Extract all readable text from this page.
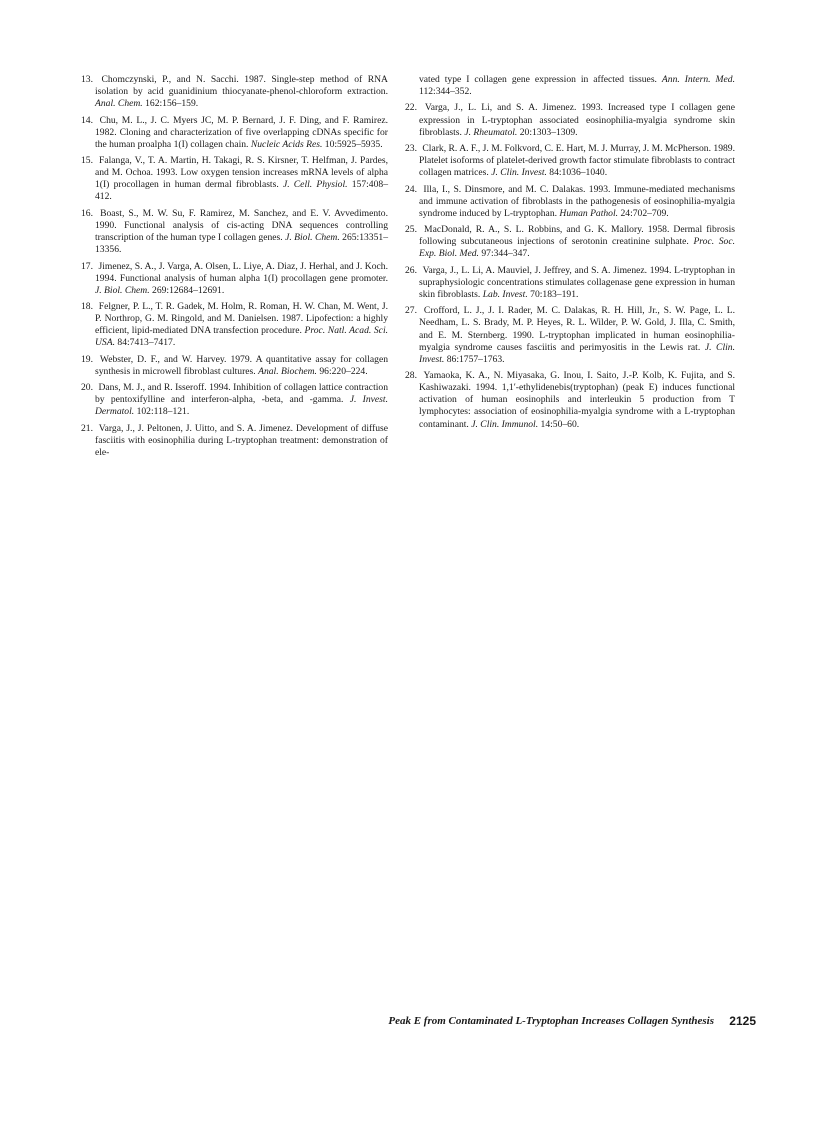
13. Chomczynski, P., and N. Sacchi. 1987. Single-step method of RNA isolation by acid guanidinium thiocyanate-phenol-chloroform extraction. Anal. Chem. 162:156–159.
14. Chu, M. L., J. C. Myers JC, M. P. Bernard, J. F. Ding, and F. Ramirez. 1982. Cloning and characterization of five overlapping cDNAs specific for the human proalpha 1(I) collagen chain. Nucleic Acids Res. 10:5925–5935.
15. Falanga, V., T. A. Martin, H. Takagi, R. S. Kirsner, T. Helfman, J. Pardes, and M. Ochoa. 1993. Low oxygen tension increases mRNA levels of alpha 1(I) procollagen in human dermal fibroblasts. J. Cell. Physiol. 157:408–412.
16. Boast, S., M. W. Su, F. Ramirez, M. Sanchez, and E. V. Avvedimento. 1990. Functional analysis of cis-acting DNA sequences controlling transcription of the human type I collagen genes. J. Biol. Chem. 265:13351–13356.
17. Jimenez, S. A., J. Varga, A. Olsen, L. Liye, A. Diaz, J. Herhal, and J. Koch. 1994. Functional analysis of human alpha 1(I) procollagen gene promoter. J. Biol. Chem. 269:12684–12691.
18. Felgner, P. L., T. R. Gadek, M. Holm, R. Roman, H. W. Chan, M. Went, J. P. Northrop, G. M. Ringold, and M. Danielsen. 1987. Lipofection: a highly efficient, lipid-mediated DNA transfection procedure. Proc. Natl. Acad. Sci. USA. 84:7413–7417.
19. Webster, D. F., and W. Harvey. 1979. A quantitative assay for collagen synthesis in microwell fibroblast cultures. Anal. Biochem. 96:220–224.
20. Dans, M. J., and R. Isseroff. 1994. Inhibition of collagen lattice contraction by pentoxifylline and interferon-alpha, -beta, and -gamma. J. Invest. Dermatol. 102:118–121.
21. Varga, J., J. Peltonen, J. Uitto, and S. A. Jimenez. Development of diffuse fasciitis with eosinophilia during L-tryptophan treatment: demonstration of ele-
vated type I collagen gene expression in affected tissues. Ann. Intern. Med. 112:344–352.
22. Varga, J., L. Li, and S. A. Jimenez. 1993. Increased type I collagen gene expression in L-tryptophan associated eosinophilia-myalgia syndrome skin fibroblasts. J. Rheumatol. 20:1303–1309.
23. Clark, R. A. F., J. M. Folkvord, C. E. Hart, M. J. Murray, J. M. McPherson. 1989. Platelet isoforms of platelet-derived growth factor stimulate fibroblasts to contract collagen matrices. J. Clin. Invest. 84:1036–1040.
24. Illa, I., S. Dinsmore, and M. C. Dalakas. 1993. Immune-mediated mechanisms and immune activation of fibroblasts in the pathogenesis of eosinophilia-myalgia syndrome induced by L-tryptophan. Human Pathol. 24:702–709.
25. MacDonald, R. A., S. L. Robbins, and G. K. Mallory. 1958. Dermal fibrosis following subcutaneous injections of serotonin creatinine sulphate. Proc. Soc. Exp. Biol. Med. 97:344–347.
26. Varga, J., L. Li, A. Mauviel, J. Jeffrey, and S. A. Jimenez. 1994. L-tryptophan in supraphysiologic concentrations stimulates collagenase gene expression in human skin fibroblasts. Lab. Invest. 70:183–191.
27. Crofford, L. J., J. I. Rader, M. C. Dalakas, R. H. Hill, Jr., S. W. Page, L. L. Needham, L. S. Brady, M. P. Heyes, R. L. Wilder, P. W. Gold, J. Illa, C. Smith, and E. M. Sternberg. 1990. L-tryptophan implicated in human eosinophilia-myalgia syndrome causes fasciitis and perimyositis in the Lewis rat. J. Clin. Invest. 86:1757–1763.
28. Yamaoka, K. A., N. Miyasaka, G. Inou, I. Saito, J.-P. Kolb, K. Fujita, and S. Kashiwazaki. 1994. 1,1′-ethylidenebis(tryptophan) (peak E) induces functional activation of human eosinophils and interleukin 5 production from T lymphocytes: association of eosinophilia-myalgia syndrome with a L-tryptophan contaminant. J. Clin. Immunol. 14:50–60.
Peak E from Contaminated L-Tryptophan Increases Collagen Synthesis 2125
